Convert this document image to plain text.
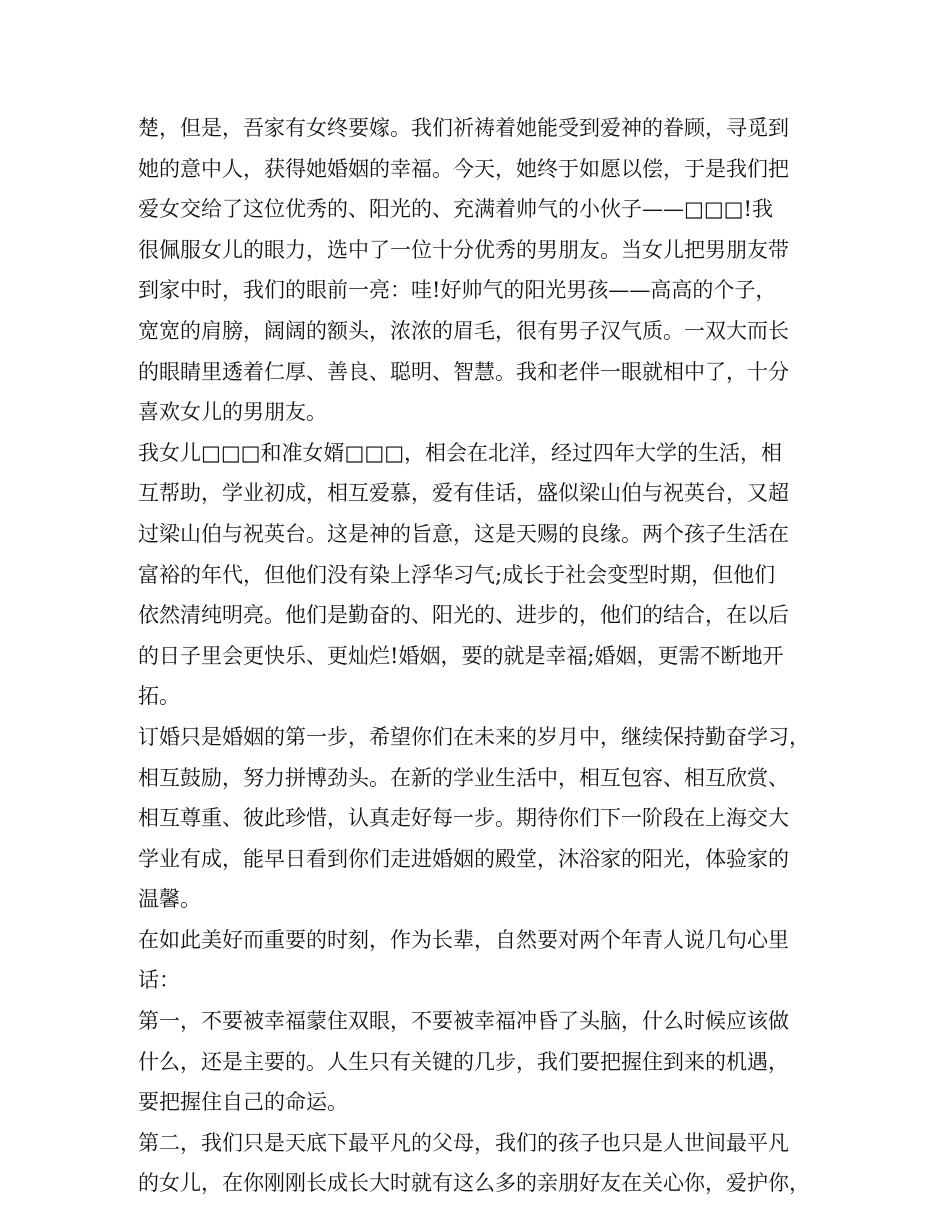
楚，但是，吾家有女终要嫁。我们祈祷着她能受到爱神的眷顾，寻觅到
她的意中人，获得她婚姻的幸福。今天，她终于如愿以偿，于是我们把
爱女交给了这位优秀的、阳光的、充满着帅气的小伙子——□□□!我
很佩服女儿的眼力，选中了一位十分优秀的男朋友。当女儿把男朋友带
到家中时，我们的眼前一亮：哇!好帅气的阳光男孩——高高的个子，
宽宽的肩膀，阔阔的额头，浓浓的眉毛，很有男子汉气质。一双大而长
的眼睛里透着仁厚、善良、聪明、智慧。我和老伴一眼就相中了，十分
喜欢女儿的男朋友。
我女儿□□□和准女婿□□□，相会在北洋，经过四年大学的生活，相
互帮助，学业初成，相互爱慕，爱有佳话，盛似梁山伯与祝英台，又超
过梁山伯与祝英台。这是神的旨意，这是天赐的良缘。两个孩子生活在
富裕的年代，但他们没有染上浮华习气;成长于社会变型时期，但他们
依然清纯明亮。他们是勤奋的、阳光的、进步的，他们的结合，在以后
的日子里会更快乐、更灿烂!婚姻，要的就是幸福;婚姻，更需不断地开
拓。
订婚只是婚姻的第一步，希望你们在未来的岁月中，继续保持勤奋学习，
相互鼓励，努力拼博劲头。在新的学业生活中，相互包容、相互欣赏、
相互尊重、彼此珍惜，认真走好每一步。期待你们下一阶段在上海交大
学业有成，能早日看到你们走进婚姻的殿堂，沐浴家的阳光，体验家的
温馨。
在如此美好而重要的时刻，作为长辈，自然要对两个年青人说几句心里
话：
第一，不要被幸福蒙住双眼，不要被幸福冲昏了头脑，什么时候应该做
什么，还是主要的。人生只有关键的几步，我们要把握住到来的机遇，
要把握住自己的命运。
第二，我们只是天底下最平凡的父母，我们的孩子也只是人世间最平凡
的女儿，在你刚刚长成长大时就有这么多的亲朋好友在关心你，爱护你，
